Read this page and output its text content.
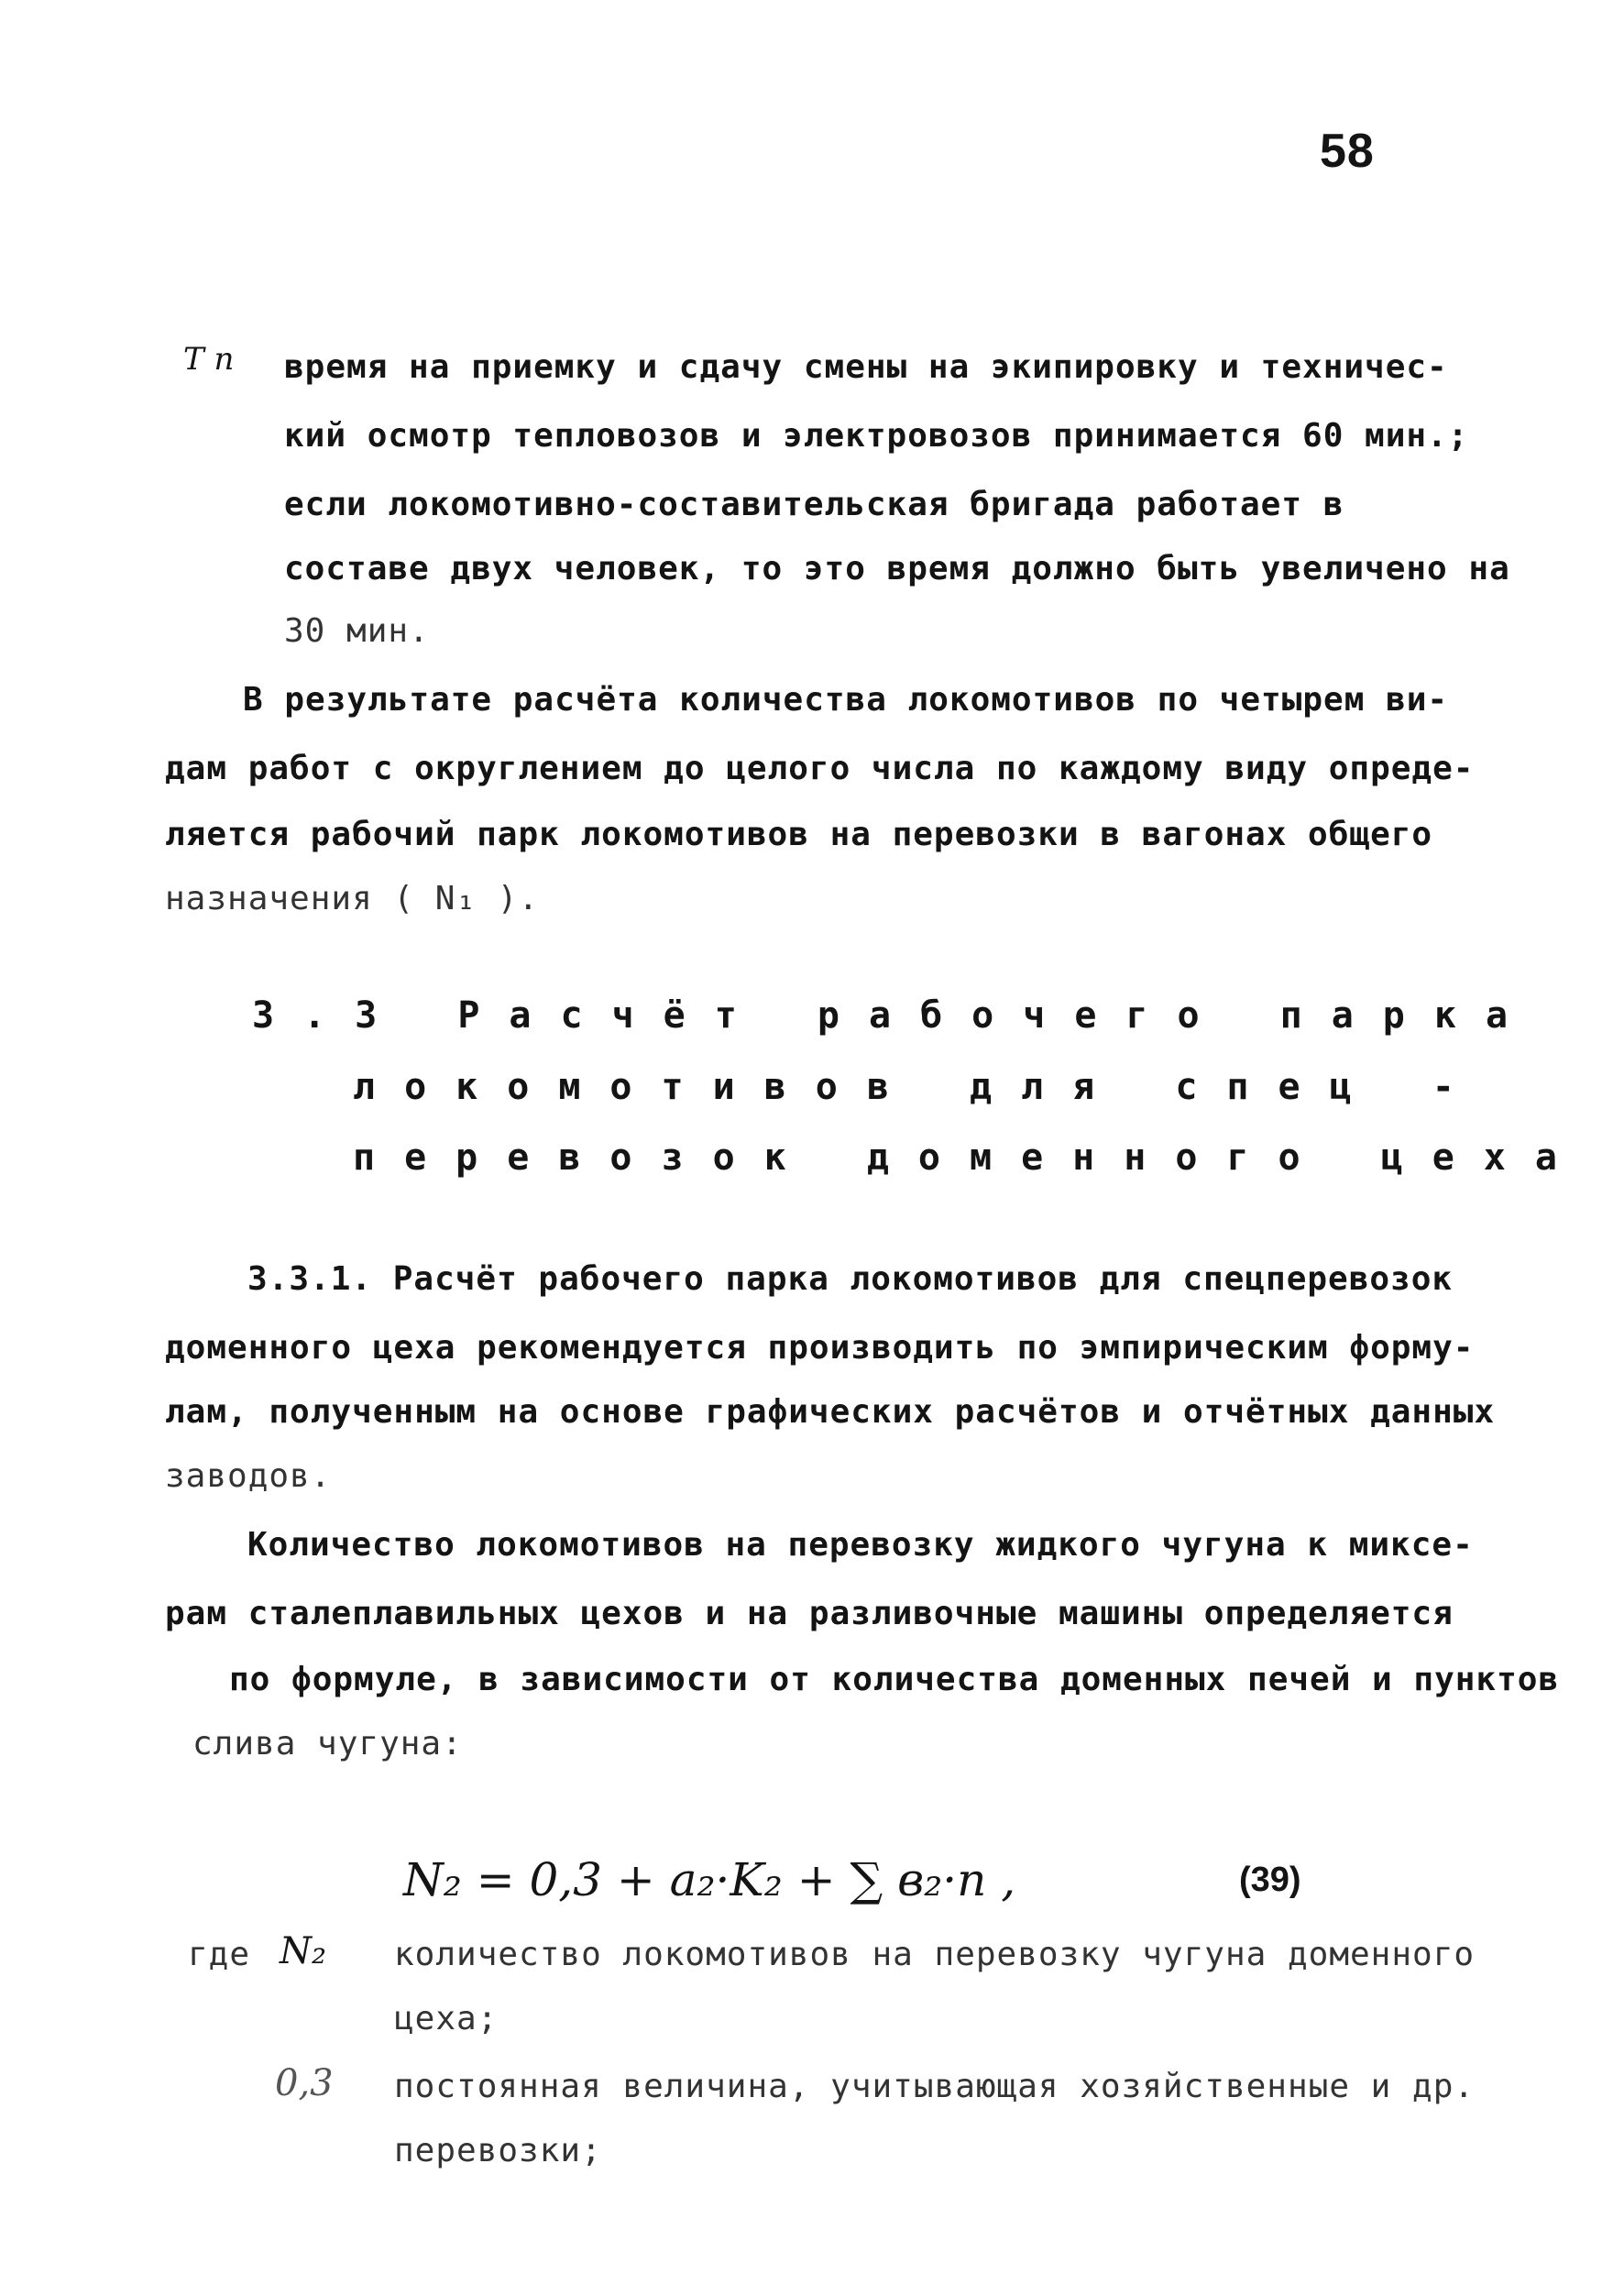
58
T п время на приемку и сдачу смены на экипировку и техничес-
кий осмотр тепловозов и электровозов принимается 60 мин.;
если локомотивно-составительская бригада работает в
составе двух человек, то это время должно быть увеличено на
30 мин.
В результате расчёта количества локомотивов по четырем ви-
дам работ с округлением до целого числа по каждому виду опреде-
ляется рабочий парк локомотивов на перевозки в вагонах общего
назначения ( N₁ ).
3.3 Расчёт рабочего парка
локомотивов для спец -
перевозок доменного цеха
3.3.1. Расчёт рабочего парка локомотивов для спецперевозок
доменного цеха рекомендуется производить по эмпирическим форму-
лам, полученным на основе графических расчётов и отчётных данных
заводов.
Количество локомотивов на перевозку жидкого чугуна к миксе-
рам сталеплавильных цехов и на разливочные машины определяется
по формуле, в зависимости от количества доменных печей и пунктов
слива чугуна:
N₂ = 0,3 + a₂·K₂ + ∑ в₂·n ,	(39)
где N₂ количество локомотивов на перевозку чугуна доменного
цеха;
0,3 постоянная величина, учитывающая хозяйственные и др.
перевозки;
